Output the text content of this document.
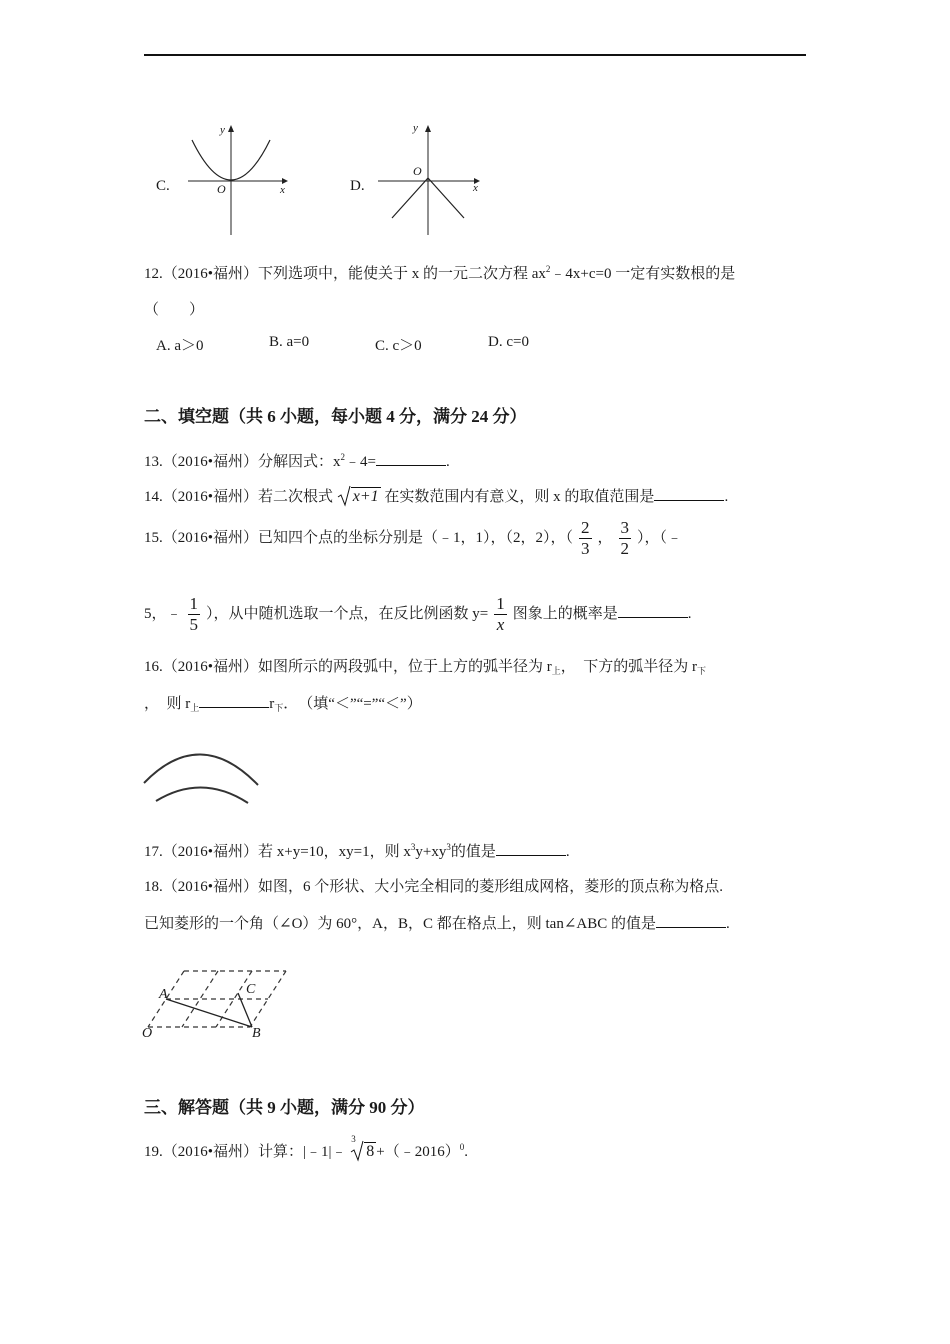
C.
y
x
O	D.
y
x
O
12.（2016•福州）下列选项中，能使关于 x 的一元二次方程 $ax^2﹣4x+c=0$ 一定有实数根的是
（　　）
A. a＞0	B. a=0	C. c＞0	D. c=0
二、填空题（共 6 小题，每小题 4 分，满分 24 分）
13.（2016•福州）分解因式：$x^2﹣4=$	.
14.（2016•福州）若二次根式 x+1 在实数范围内有意义，则 x 的取值范围是	.
15.（2016•福州）已知四个点的坐标分别是（﹣1，1），（2，2），（ $\frac{2}{3}$ ， $\frac{3}{2}$ ），（﹣
5，﹣ $\frac{1}{5}$ ），从中随机选取一个点，在反比例函数 $y= \frac{1}{x}$ 图象上的概率是	.
16.（2016•福州）如图所示的两段弧中，位于上方的弧半径为 $r_上$，　下方的弧半径为 $r_下$
，　则 $r_上$	$r_下$．　（填“＜”“=”“＜”）
17.（2016•福州）若 x+y=10，xy=1，则 $x^3y+xy^3$的值是	.
18.（2016•福州）如图，6 个形状、大小完全相同的菱形组成网格，菱形的顶点称为格点.
已知菱形的一个角（∠O）为 60°，A，B，C 都在格点上，则 tan∠ABC 的值是	.
A	C
O	B
三、解答题（共 9 小题，满分 90 分）
19.（2016•福州）计算：|﹣1|﹣
3
8 +（﹣2016）$^0$.
